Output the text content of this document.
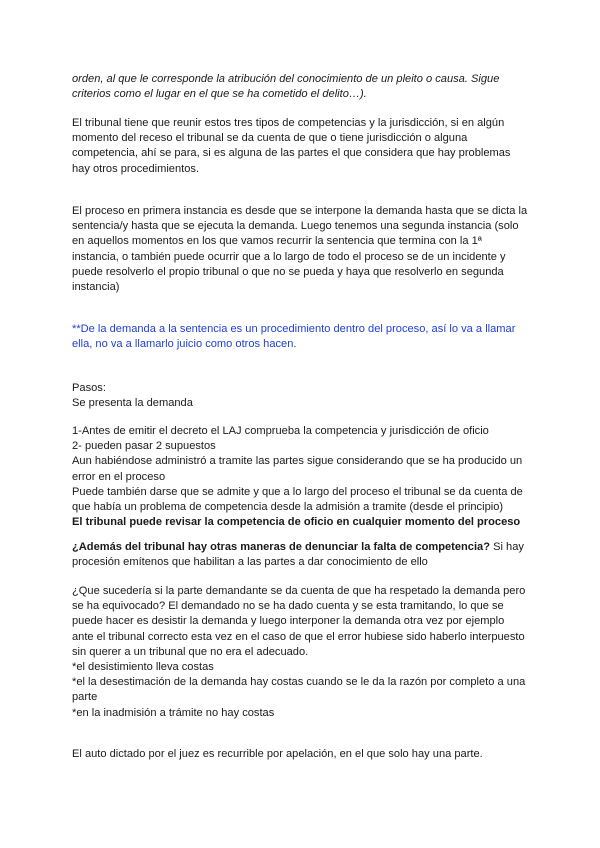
orden, al que le corresponde la atribución del conocimiento de un pleito o causa. Sigue
criterios como el lugar en el que se ha cometido el delito…).
El tribunal tiene que reunir estos tres tipos de competencias y la jurisdicción, si en algún
momento del receso el tribunal se da cuenta de que o tiene jurisdicción o alguna
competencia, ahí se para, si es alguna de las partes el que considera que hay problemas
hay otros procedimientos.
El proceso en primera instancia es desde que se interpone la demanda hasta que se dicta la
sentencia/y hasta que se ejecuta la demanda. Luego tenemos una segunda instancia (solo
en aquellos momentos en los que vamos recurrir la sentencia que termina con la 1ª
instancia, o también puede ocurrir que a lo largo de todo el proceso se de un incidente y
puede resolverlo el propio tribunal o que no se pueda y haya que resolverlo en segunda
instancia)
**De la demanda a la sentencia es un procedimiento dentro del proceso, así lo va a llamar
ella, no va a llamarlo juicio como otros hacen.
Pasos:
Se presenta la demanda
1-Antes de emitir el decreto el LAJ comprueba la competencia y jurisdicción de oficio
2- pueden pasar 2 supuestos
Aun habiéndose administró a tramite las partes sigue considerando que se ha producido un
error en el proceso
Puede también darse que se admite y que a lo largo del proceso el tribunal se da cuenta de
que había un problema de competencia desde la admisión a tramite (desde el principio)
El tribunal puede revisar la competencia de oficio en cualquier momento del proceso
¿Además del tribunal hay otras maneras de denunciar la falta de competencia? Si hay
procesión emítenos que habilitan a las partes a dar conocimiento de ello
¿Que sucedería si la parte demandante se da cuenta de que ha respetado la demanda pero
se ha equivocado? El demandado no se ha dado cuenta y se esta tramitando, lo que se
puede hacer es desistir la demanda y luego interponer la demanda otra vez por ejemplo
ante el tribunal correcto esta vez en el caso de que el error hubiese sido haberlo interpuesto
sin querer a un tribunal que no era el adecuado.
*el desistimiento lleva costas
*el la desestimación de la demanda hay costas cuando se le da la razón por completo a una
parte
*en la inadmisión a trámite no hay costas
El auto dictado por el juez es recurrible por apelación, en el que solo hay una parte.
